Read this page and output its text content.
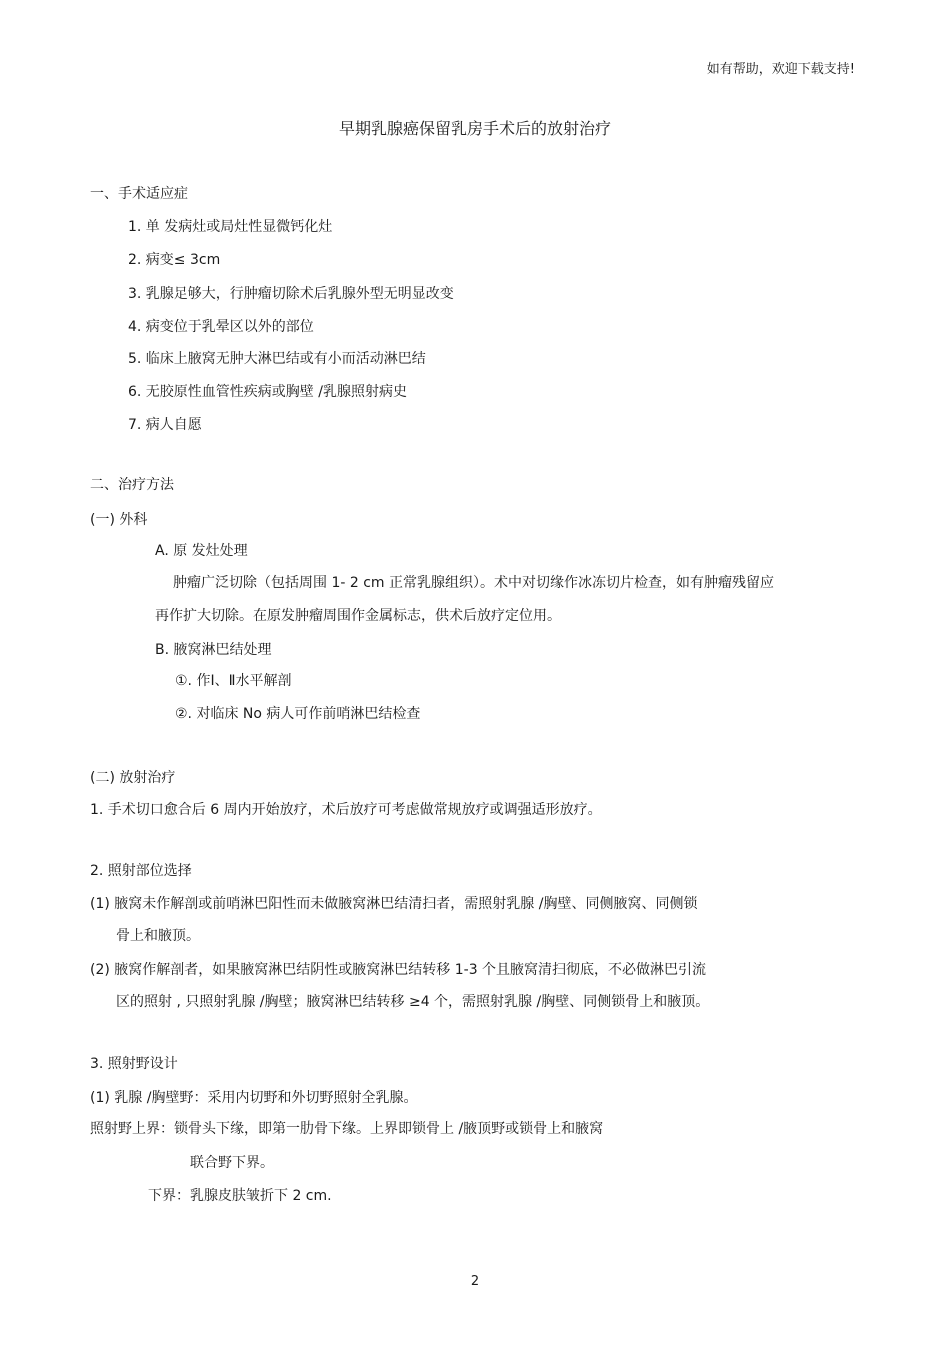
如有帮助，欢迎下载支持!
早期乳腺癌保留乳房手术后的放射治疗
一、手术适应症
1. 单 发病灶或局灶性显微钙化灶
2. 病变≤ 3cm
3. 乳腺足够大，行肿瘤切除术后乳腺外型无明显改变
4. 病变位于乳晕区以外的部位
5. 临床上腋窝无肿大淋巴结或有小而活动淋巴结
6. 无胶原性血管性疾病或胸壁 /乳腺照射病史
7. 病人自愿
二、治疗方法
(一) 外科
A. 原 发灶处理
肿瘤广泛切除（包括周围 1- 2 cm 正常乳腺组织）。术中对切缘作冰冻切片检查，如有肿瘤残留应
再作扩大切除。在原发肿瘤周围作金属标志，供术后放疗定位用。
B. 腋窝淋巴结处理
①. 作Ⅰ、Ⅱ水平解剖
②. 对临床 No 病人可作前哨淋巴结检查
(二) 放射治疗
1. 手术切口愈合后 6 周内开始放疗，术后放疗可考虑做常规放疗或调强适形放疗。
2. 照射部位选择
(1) 腋窝未作解剖或前哨淋巴阳性而未做腋窝淋巴结清扫者，需照射乳腺 /胸壁、同侧腋窝、同侧锁
骨上和腋顶。
(2) 腋窝作解剖者，如果腋窝淋巴结阴性或腋窝淋巴结转移 1-3 个且腋窝清扫彻底，不必做淋巴引流
区的照射 , 只照射乳腺 /胸壁；腋窝淋巴结转移 ≥4 个，需照射乳腺 /胸壁、同侧锁骨上和腋顶。
3. 照射野设计
(1) 乳腺 /胸壁野：采用内切野和外切野照射全乳腺。
照射野上界：锁骨头下缘，即第一肋骨下缘。上界即锁骨上 /腋顶野或锁骨上和腋窝
联合野下界。
下界：乳腺皮肤皱折下 2 cm.
2
